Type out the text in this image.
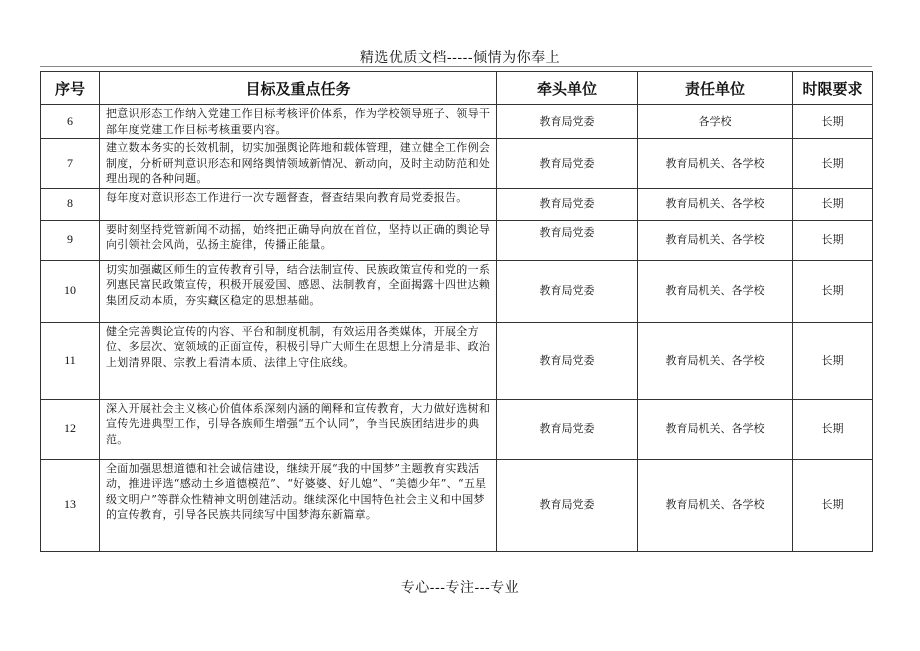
精选优质文档-----倾情为你奉上
序号	目标及重点任务	牵头单位	责任单位	时限要求
6	把意识形态工作纳入党建工作目标考核评价体系，作为学校领导班子、领导干部年度党建工作目标考核重要内容。	教育局党委	各学校	长期
7	建立数本务实的长效机制，切实加强舆论阵地和载体管理，建立健全工作例会制度，分析研判意识形态和网络舆情领域新情况、新动向，及时主动防范和处理出现的各种问题。	教育局党委	教育局机关、各学校	长期
8	每年度对意识形态工作进行一次专题督查，督查结果向教育局党委报告。	教育局党委	教育局机关、各学校	长期
9	要时刻坚持党管新闻不动摇，始终把正确导向放在首位，坚持以正确的舆论导向引领社会风尚，弘扬主旋律，传播正能量。	教育局党委	教育局机关、各学校	长期
10	切实加强藏区师生的宣传教育引导，结合法制宣传、民族政策宣传和党的一系列惠民富民政策宣传，积极开展爱国、感恩、法制教育，全面揭露十四世达赖集团反动本质，夯实藏区稳定的思想基础。	教育局党委	教育局机关、各学校	长期
11	健全完善舆论宣传的内容、平台和制度机制，有效运用各类媒体，开展全方位、多层次、宽领域的正面宣传，积极引导广大师生在思想上分清是非、政治上划清界限、宗教上看清本质、法律上守住底线。	教育局党委	教育局机关、各学校	长期
12	深入开展社会主义核心价值体系深刻内涵的阐释和宣传教育，大力做好选树和宣传先进典型工作，引导各族师生增强“五个认同”，争当民族团结进步的典范。	教育局党委	教育局机关、各学校	长期
13	全面加强思想道德和社会诚信建设，继续开展“我的中国梦”主题教育实践活动，推进评选“感动土乡道德模范”、“好婆婆、好儿媳”、“美德少年”、“五星级文明户”等群众性精神文明创建活动。继续深化中国特色社会主义和中国梦的宣传教育，引导各民族共同续写中国梦海东新篇章。	教育局党委	教育局机关、各学校	长期
专心---专注---专业
